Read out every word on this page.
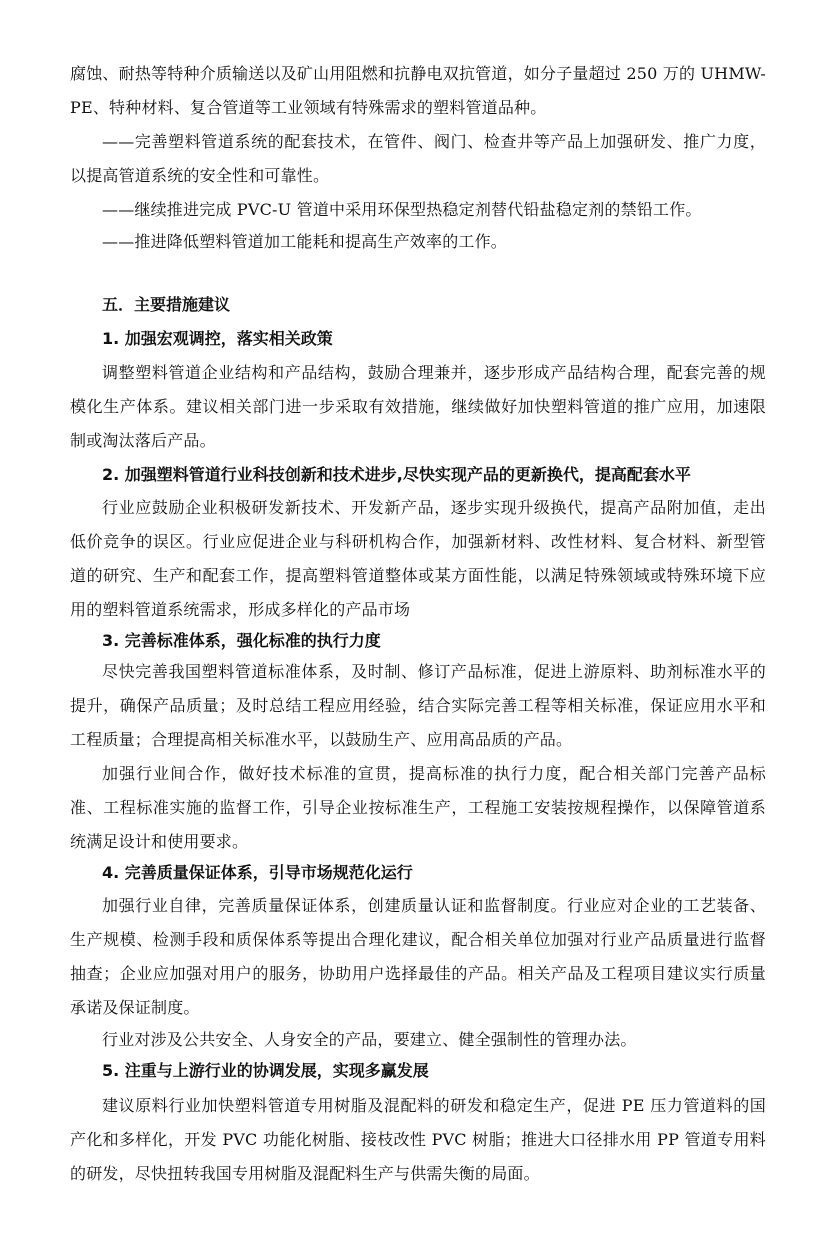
腐蚀、耐热等特种介质输送以及矿山用阻燃和抗静电双抗管道，如分子量超过 250 万的 UHMW-PE、特种材料、复合管道等工业领域有特殊需求的塑料管道品种。

——完善塑料管道系统的配套技术，在管件、阀门、检查井等产品上加强研发、推广力度，以提高管道系统的安全性和可靠性。

——继续推进完成 PVC-U 管道中采用环保型热稳定剂替代铅盐稳定剂的禁铅工作。

——推进降低塑料管道加工能耗和提高生产效率的工作。

五．主要措施建议
1. 加强宏观调控，落实相关政策

调整塑料管道企业结构和产品结构，鼓励合理兼并，逐步形成产品结构合理，配套完善的规模化生产体系。建议相关部门进一步采取有效措施，继续做好加快塑料管道的推广应用，加速限制或淘汰落后产品。

2. 加强塑料管道行业科技创新和技术进步,尽快实现产品的更新换代，提高配套水平

行业应鼓励企业积极研发新技术、开发新产品，逐步实现升级换代，提高产品附加值，走出低价竞争的误区。行业应促进企业与科研机构合作，加强新材料、改性材料、复合材料、新型管道的研究、生产和配套工作，提高塑料管道整体或某方面性能，以满足特殊领域或特殊环境下应用的塑料管道系统需求，形成多样化的产品市场

3. 完善标准体系，强化标准的执行力度

尽快完善我国塑料管道标准体系，及时制、修订产品标准，促进上游原料、助剂标准水平的提升，确保产品质量；及时总结工程应用经验，结合实际完善工程等相关标准，保证应用水平和工程质量；合理提高相关标准水平，以鼓励生产、应用高品质的产品。

加强行业间合作，做好技术标准的宣贯，提高标准的执行力度，配合相关部门完善产品标准、工程标准实施的监督工作，引导企业按标准生产，工程施工安装按规程操作，以保障管道系统满足设计和使用要求。

4. 完善质量保证体系，引导市场规范化运行

加强行业自律，完善质量保证体系，创建质量认证和监督制度。行业应对企业的工艺装备、生产规模、检测手段和质保体系等提出合理化建议，配合相关单位加强对行业产品质量进行监督抽查；企业应加强对用户的服务，协助用户选择最佳的产品。相关产品及工程项目建议实行质量承诺及保证制度。

行业对涉及公共安全、人身安全的产品，要建立、健全强制性的管理办法。

5. 注重与上游行业的协调发展，实现多赢发展

建议原料行业加快塑料管道专用树脂及混配料的研发和稳定生产，促进 PE 压力管道料的国产化和多样化，开发 PVC 功能化树脂、接枝改性 PVC 树脂；推进大口径排水用 PP 管道专用料的研发，尽快扭转我国专用树脂及混配料生产与供需失衡的局面。
